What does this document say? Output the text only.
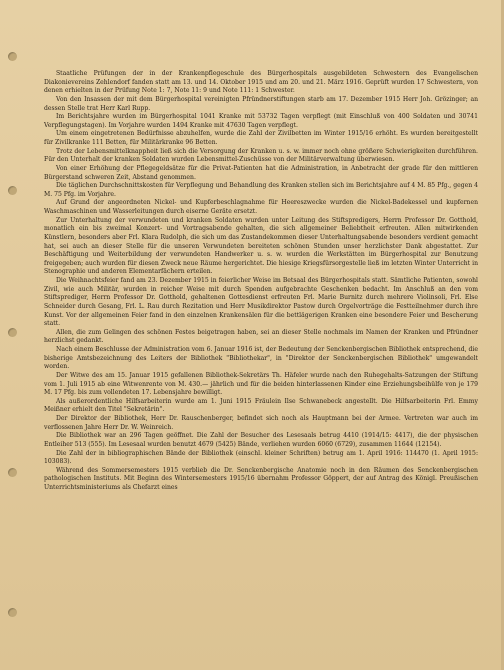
Staatliche Prüfungen der in der Krankenpflegeschule des Bürgerhospitals ausgebildeten Schwestern des Evangelischen Diakonievereins Zehlendorf fanden statt am 13. und 14. Oktober 1915 und am 20. und 21. März 1916. Geprüft wurden 17 Schwestern, von denen erhielten in der Prüfung Note 1: 7, Note 11: 9 und Note 111: 1 Schwester.

Von den Insassen der mit dem Bürgerhospital vereinigten Pfründnerstiftungen starb am 17. Dezember 1915 Herr Joh. Grözinger; an dessen Stelle trat Herr Karl Rupp.

Im Berichtsjahre wurden im Bürgerhospital 1041 Kranke mit 53732 Tagen verpflegt (mit Einschluß von 400 Soldaten und 30741 Verpflegungstagen). Im Vorjahre wurden 1494 Kranke mit 47630 Tagen verpflegt.

Um einem eingetretenen Bedürfnisse abzuhelfen, wurde die Zahl der Zivilbetten im Winter 1915/16 erhöht. Es wurden bereitgestellt für Zivilkranke 111 Betten, für Militärkranke 96 Betten.

Trotz der Lebensmittelknappheit ließ sich die Versorgung der Kranken u. s. w. immer noch ohne größere Schwierigkeiten durchführen. Für den Unterhalt der kranken Soldaten wurden Lebensmittel-Zuschüsse von der Militärverwaltung überwiesen.

Von einer Erhöhung der Pflegegeldsätze für die Privat-Patienten hat die Administration, in Anbetracht der grade für den mittleren Bürgerstand schweren Zeit, Abstand genommen.

Die täglichen Durchschnittskosten für Verpflegung und Behandlung des Kranken stellen sich im Berichtsjahre auf 4 M. 85 Pfg., gegen 4 M. 75 Pfg. im Vorjahre.

Auf Grund der angeordneten Nickel- und Kupferbeschlagnahme für Heereszwecke wurden die Nickel-Badekessel und kupfernen Waschmaschinen und Wasserleitungen durch eiserne Geräte ersetzt.

Zur Unterhaltung der verwundeten und kranken Soldaten wurden unter Leitung des Stiftspredigers, Herrn Professor Dr. Gotthold, monatlich ein bis zweimal Konzert- und Vortragsabende gehalten, die sich allgemeiner Beliebtheit erfreuten. Allen mitwirkenden Künstlern, besonders aber Frl. Klara Rudolph, die sich um das Zustandekommen dieser Unterhaltungsabende besonders verdient gemacht hat, sei auch an dieser Stelle für die unseren Verwundeten bereiteten schönen Stunden unser herzlichster Dank abgestattet. Zur Beschäftigung und Weiterbildung der verwundeten Handwerker u. s. w. wurden die Werkstätten im Bürgerhospital zur Benutzung freigegeben; auch wurden für diesen Zweck neue Räume hergerichtet. Die hiesige Kriegsfürsorgestelle ließ im letzten Winter Unterricht in Stenographie und anderen Elementarfächern erteilen.

Die Weihnachtsfeier fand am 23. Dezember 1915 in feierlicher Weise im Betsaal des Bürgerhospitals statt. Sämtliche Patienten, sowohl Zivil, wie auch Militär, wurden in reicher Weise mit durch Spenden aufgebrachte Geschenken bedacht. Im Anschluß an den vom Stiftsprediger, Herrn Professor Dr. Gotthold, gehaltenen Gottesdienst erfreuten Frl. Marie Burnitz durch mehrere Violinsoli, Frl. Else Schneider durch Gesang, Frl. L. Rau durch Rezitation und Herr Musikdirektor Pastow durch Orgelvorträge die Festteilnehmer durch ihre Kunst. Vor der allgemeinen Feier fand in den einzelnen Krankensälen für die bettlägerigen Kranken eine besondere Feier und Bescherung statt.

Allen, die zum Gelingen des schönen Festes beigetragen haben, sei an dieser Stelle nochmals im Namen der Kranken und Pfründner herzlichst gedankt.

Nach einem Beschlusse der Administration vom 6. Januar 1916 ist, der Bedeutung der Senckenbergischen Bibliothek entsprechend, die bisherige Amtsbezeichnung des Leiters der Bibliothek "Bibliothekar", in "Direktor der Senckenbergischen Bibliothek" umgewandelt worden.

Der Witwe des am 15. Januar 1915 gefallenen Bibliothek-Sekretärs Th. Häfeler wurde nach den Ruhegehalts-Satzungen der Stiftung vom 1. Juli 1915 ab eine Witwenrente von M. 430.— jährlich und für die beiden hinterlassenen Kinder eine Erziehungsbeihülfe von je 179 M. 17 Pfg. bis zum vollendeten 17. Lebensjahre bewilligt.

Als außerordentliche Hilfsarbeiterin wurde am 1. Juni 1915 Fräulein Ilse Schwanebeck angestellt. Die Hilfsarbeiterin Frl. Emmy Meißner erhielt den Titel "Sekretärin".

Der Direktor der Bibliothek, Herr Dr. Rauschenberger, befindet sich noch als Hauptmann bei der Armee. Vertreten war auch im verflossenen Jahre Herr Dr. W. Weinreich.

Die Bibliothek war an 296 Tagen geöffnet. Die Zahl der Besucher des Lesesaals betrug 4410 (1914/15: 4417), die der physischen Entleiher 513 (555). Im Lesesaal wurden benutzt 4679 (5425) Bände, verliehen wurden 6060 (6729), zusammen 11644 (12154).

Die Zahl der in bibliographischen Bände der Bibliothek (einschl. kleiner Schriften) betrug am 1. April 1916: 114470 (1. April 1915: 103083).

Während des Sommersemesters 1915 verblieb die Dr. Senckenbergische Anatomie noch in den Räumen des Senckenbergischen pathologischen Instituts. Mit Beginn des Wintersemesters 1915/16 übernahm Professor Göppert, der auf Antrag des Königl. Preußischen Unterrichtsministeriums als Chefarzt eines
